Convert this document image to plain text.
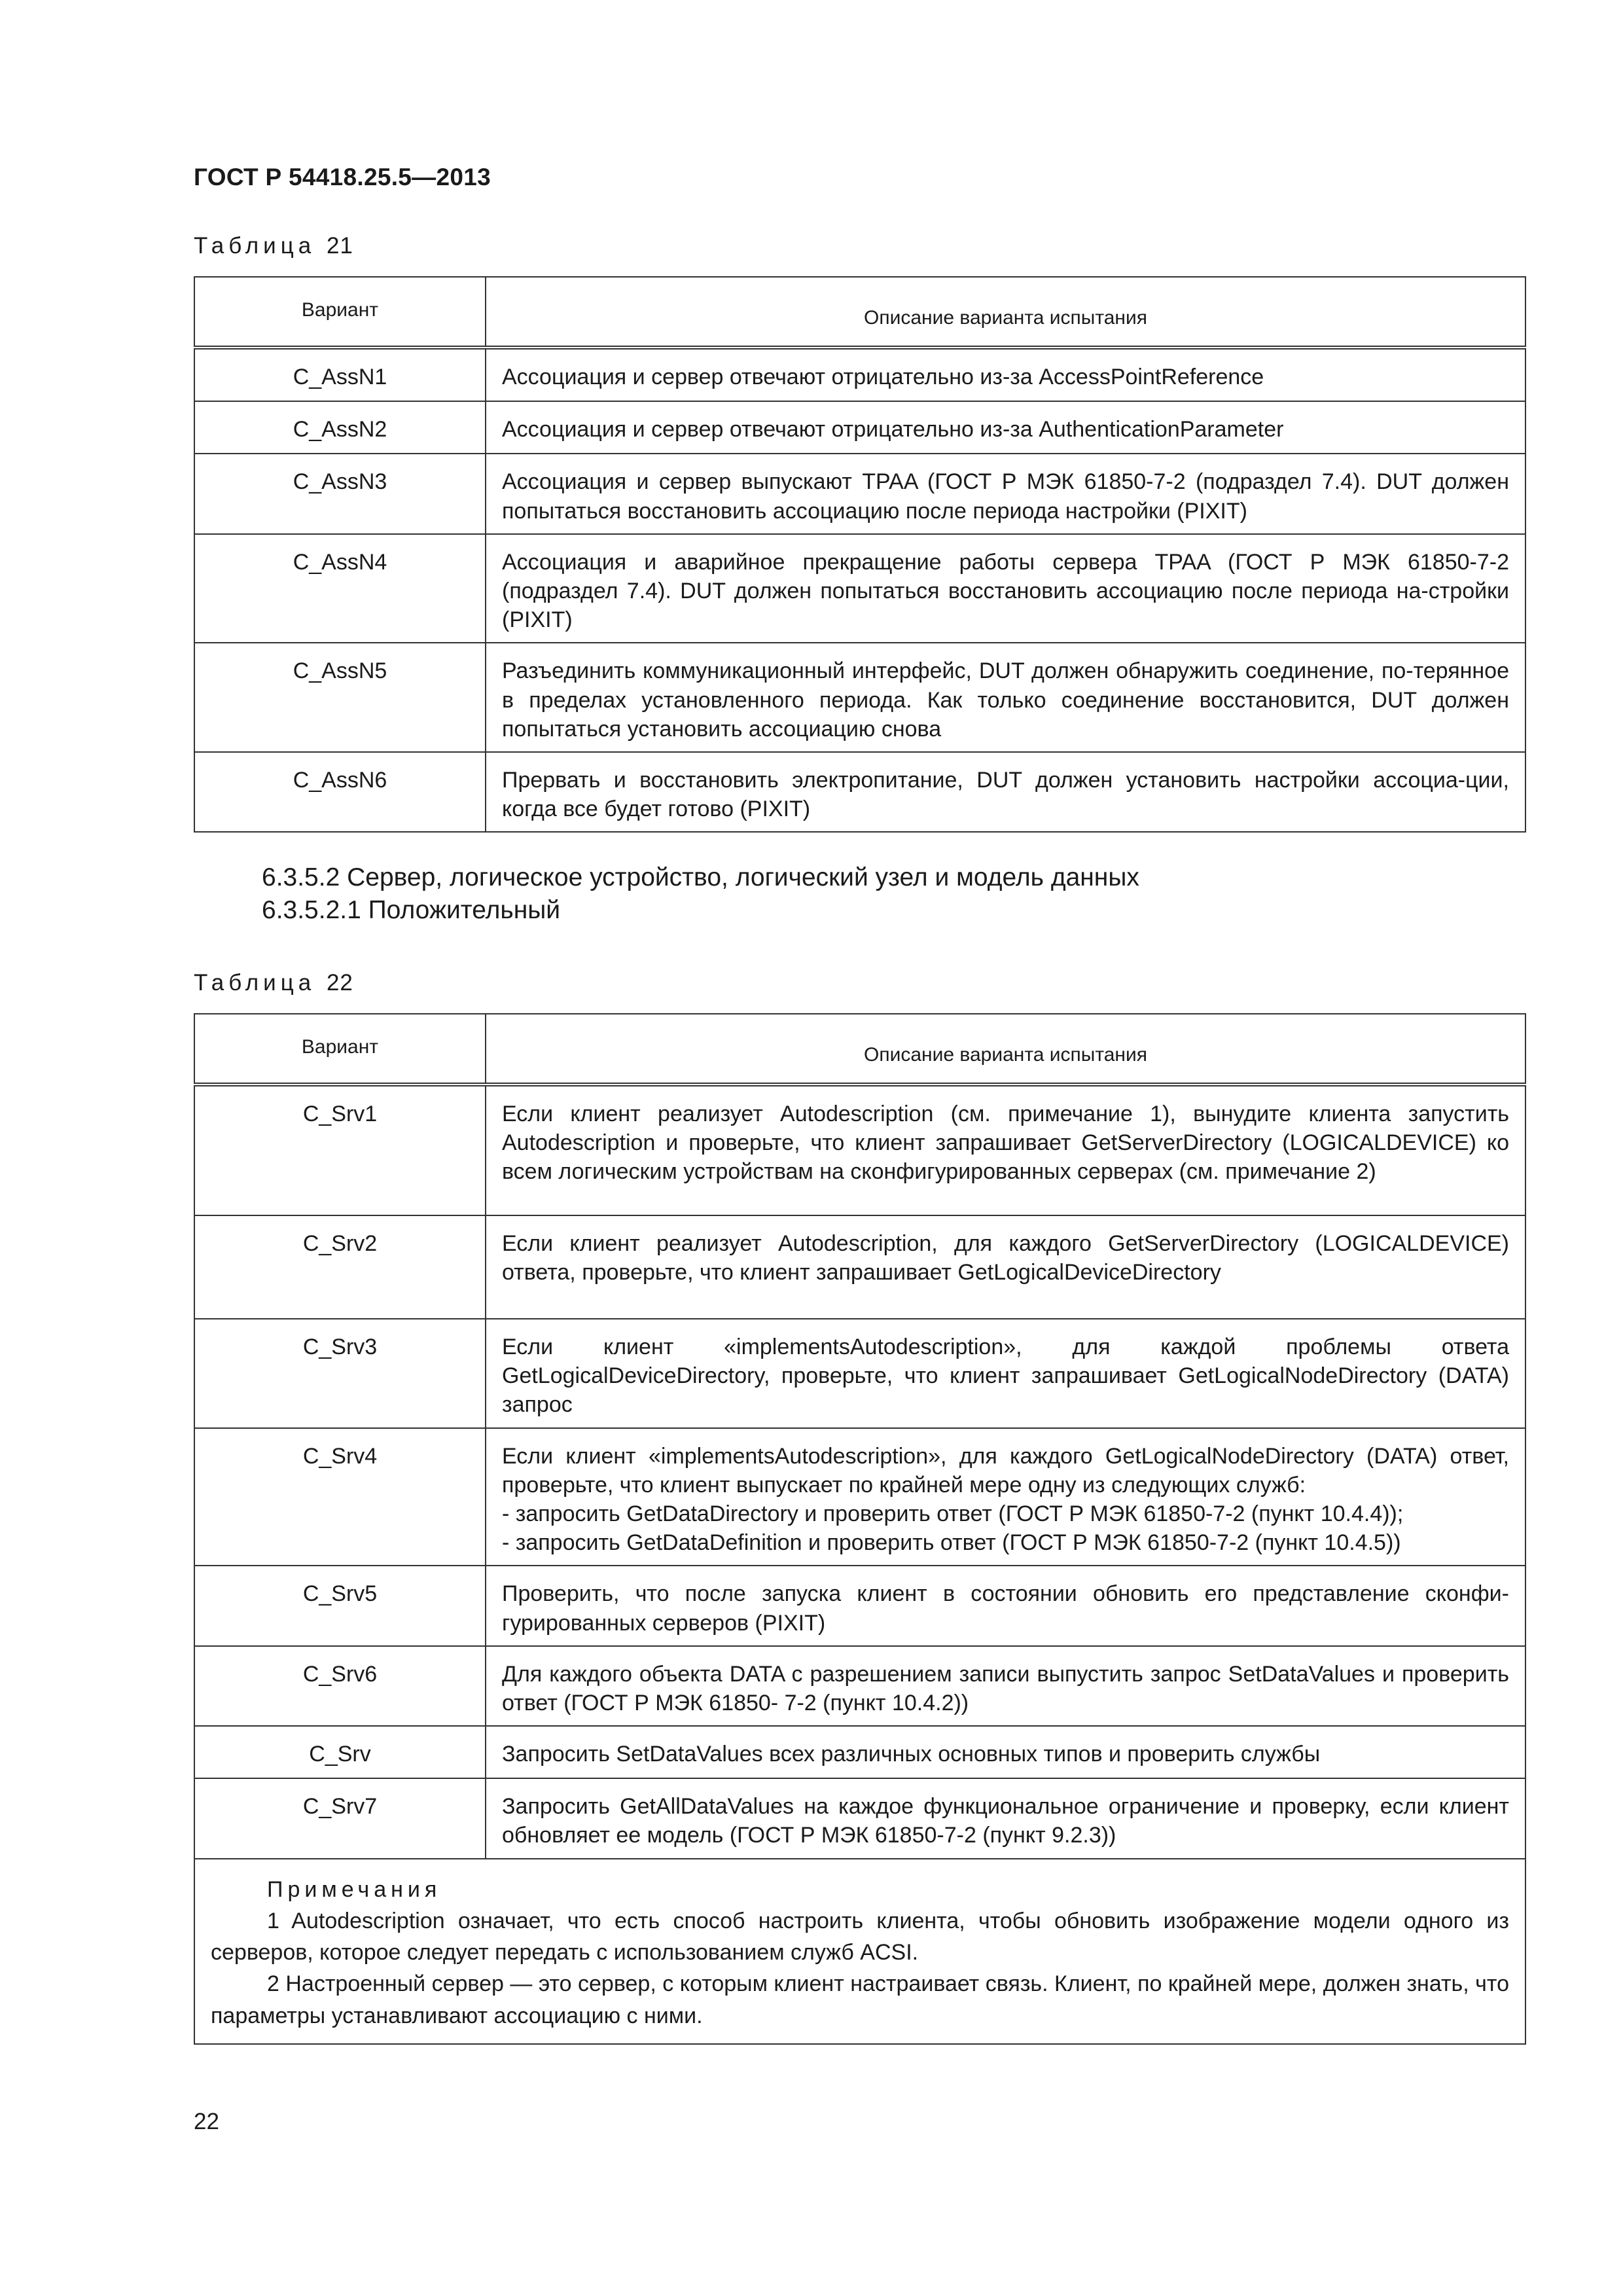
ГОСТ Р 54418.25.5—2013
Таблица 21
Вариант	Описание варианта испытания

C_AssN1	Ассоциация и сервер отвечают отрицательно из-за AccessPointReference
C_AssN2	Ассоциация и сервер отвечают отрицательно из-за AuthenticationParameter
C_AssN3	Ассоциация и сервер выпускают TPAA (ГОСТ Р МЭК 61850-7-2 (подраздел 7.4). DUT должен попытаться восстановить ассоциацию после периода настройки (PIXIT)
C_AssN4	Ассоциация и аварийное прекращение работы сервера TPAA (ГОСТ Р МЭК 61850-7-2 (подраздел 7.4). DUT должен попытаться восстановить ассоциацию после периода на-стройки (PIXIT)
C_AssN5	Разъединить коммуникационный интерфейс, DUT должен обнаружить соединение, по-терянное в пределах установленного периода. Как только соединение восстановится, DUT должен попытаться установить ассоциацию снова
C_AssN6	Прервать и восстановить электропитание, DUT должен установить настройки ассоциа-ции, когда все будет готово (PIXIT)
6.3.5.2 Сервер, логическое устройство, логический узел и модель данных
6.3.5.2.1 Положительный
Таблица 22
Вариант	Описание варианта испытания

C_Srv1	Если клиент реализует Autodescription (см. примечание 1), вынудите клиента запустить Autodescription и проверьте, что клиент запрашивает GetServerDirectory (LOGICALDEVICE) ко всем логическим устройствам на сконфигурированных серверах (см. примечание 2)
C_Srv2	Если клиент реализует Autodescription, для каждого GetServerDirectory (LOGICALDEVICE) ответа, проверьте, что клиент запрашивает GetLogicalDeviceDirectory
C_Srv3	Если клиент «implementsAutodescription», для каждой проблемы ответа GetLogicalDeviceDirectory, проверьте, что клиент запрашивает GetLogicalNodeDirectory (DATA) запрос
C_Srv4	Если клиент «implementsAutodescription», для каждого GetLogicalNodeDirectory (DATA) ответ, проверьте, что клиент выпускает по крайней мере одну из следующих служб:
- запросить GetDataDirectory и проверить ответ (ГОСТ Р МЭК 61850-7-2 (пункт 10.4.4));
- запросить GetDataDefinition и проверить ответ (ГОСТ Р МЭК 61850-7-2 (пункт 10.4.5))

C_Srv5	Проверить, что после запуска клиент в состоянии обновить его представление сконфи-гурированных серверов (PIXIT)
C_Srv6	Для каждого объекта DATA с разрешением записи выпустить запрос SetDataValues и проверить ответ (ГОСТ Р МЭК 61850- 7-2 (пункт 10.4.2))
C_Srv	Запросить SetDataValues всех различных основных типов и проверить службы
C_Srv7	Запросить GetAllDataValues на каждое функциональное ограничение и проверку, если клиент обновляет ее модель (ГОСТ Р МЭК 61850-7-2 (пункт 9.2.3))

Примечания
1 Autodescription означает, что есть способ настроить клиента, чтобы обновить изображение модели одного из серверов, которое следует передать с использованием служб ACSI.
2 Настроенный сервер — это сервер, с которым клиент настраивает связь. Клиент, по крайней мере, должен знать, что параметры устанавливают ассоциацию с ними.	
22
